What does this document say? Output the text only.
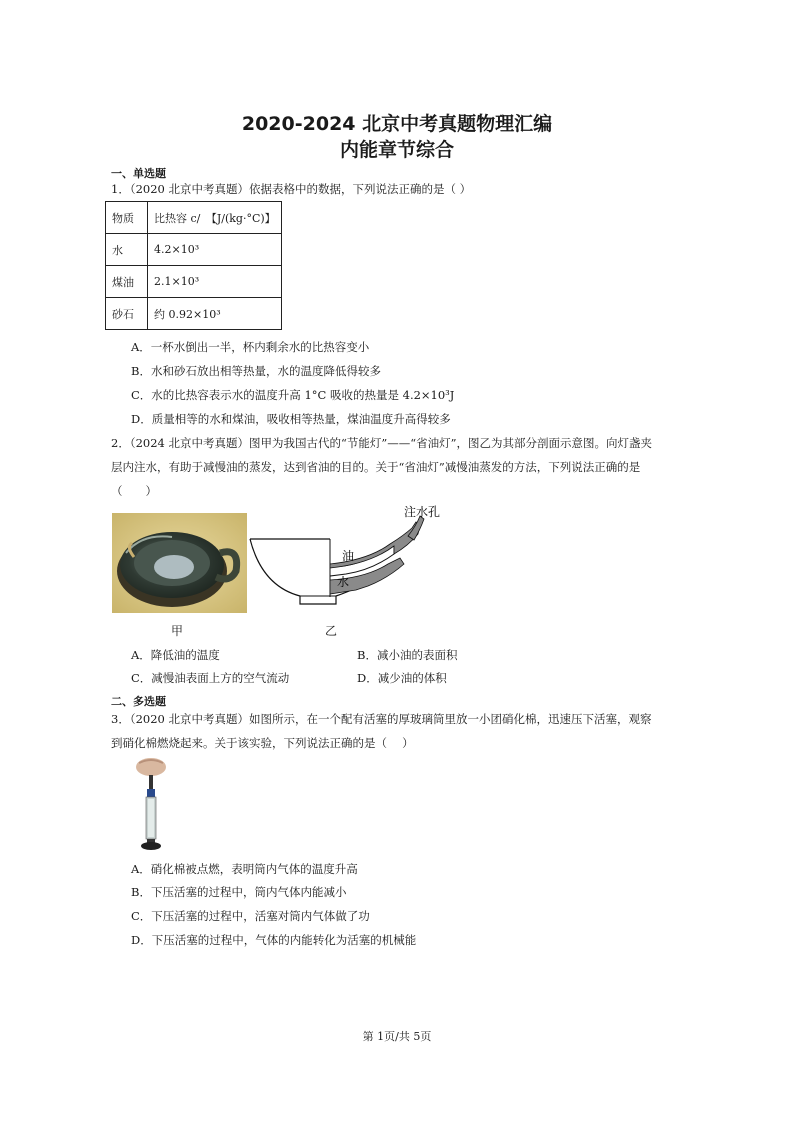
2020-2024 北京中考真题物理汇编
内能章节综合
一、单选题
1．（2020 北京中考真题）依据表格中的数据，下列说法正确的是（ ）
物质	比热容 c/　【J/(kg·°C)】
水	4.2×10³
煤油	2.1×10³
砂石	约 0.92×10³
A．一杯水倒出一半，杯内剩余水的比热容变小
B．水和砂石放出相等热量，水的温度降低得较多
C．水的比热容表示水的温度升高 1°C 吸收的热量是 4.2×10³J
D．质量相等的水和煤油，吸收相等热量，煤油温度升高得较多
2．（2024 北京中考真题）图甲为我国古代的“节能灯”——“省油灯”，图乙为其部分剖面示意图。向灯盏夹
层内注水，有助于减慢油的蒸发，达到省油的目的。关于“省油灯”减慢油蒸发的方法，下列说法正确的是
（　　）
油
水
注水孔
甲	乙
A．降低油的温度	B．减小油的表面积
C．减慢油表面上方的空气流动	D．减少油的体积
二、多选题
3．（2020 北京中考真题）如图所示，在一个配有活塞的厚玻璃筒里放一小团硝化棉，迅速压下活塞，观察
到硝化棉燃烧起来。关于该实验，下列说法正确的是（　 ）
A．硝化棉被点燃，表明筒内气体的温度升高
B．下压活塞的过程中，筒内气体内能减小
C．下压活塞的过程中，活塞对筒内气体做了功
D．下压活塞的过程中，气体的内能转化为活塞的机械能
第 1页/共 5页
